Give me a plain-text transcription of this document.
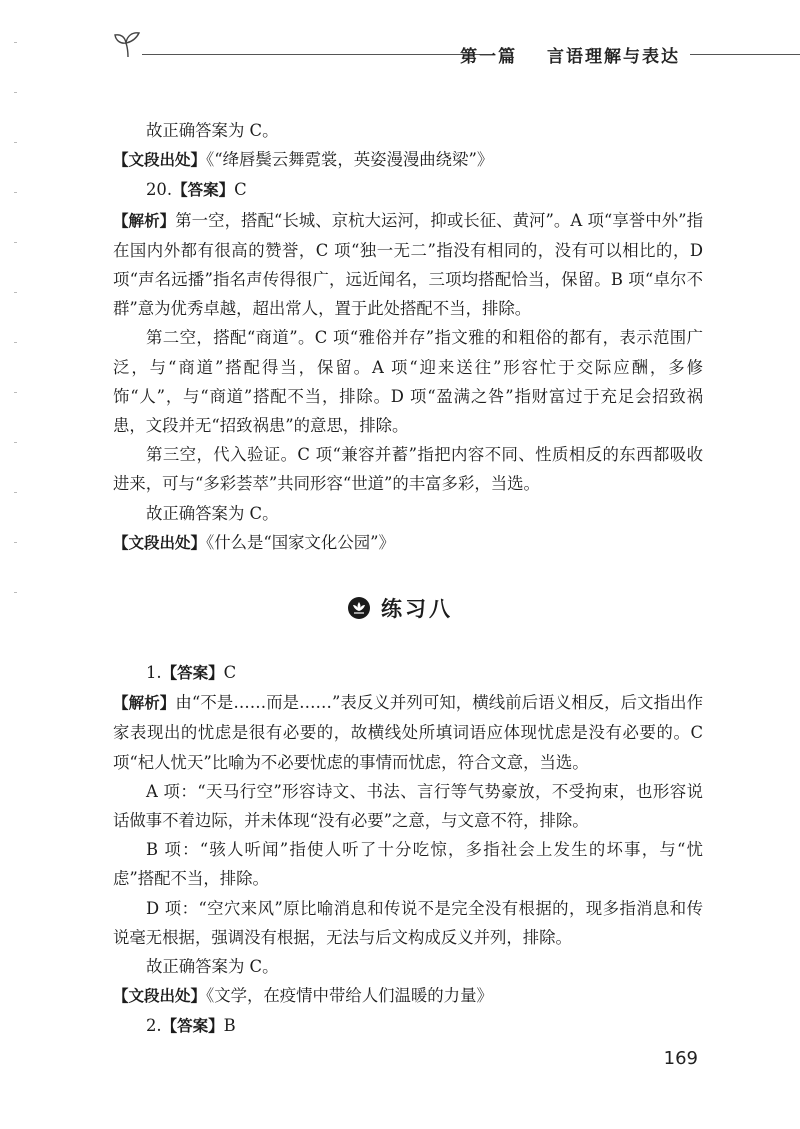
第一篇 言语理解与表达

故正确答案为 C。

【文段出处】《“绛唇鬓云舞霓裳，英姿漫漫曲绕梁”》

20.【答案】C

【解析】第一空，搭配“长城、京杭大运河，抑或长征、黄河”。A 项“享誉中外”指在国内外都有很高的赞誉，C 项“独一无二”指没有相同的，没有可以相比的，D 项“声名远播”指名声传得很广，远近闻名，三项均搭配恰当，保留。B 项“卓尔不群”意为优秀卓越，超出常人，置于此处搭配不当，排除。

第二空，搭配“商道”。C 项“雅俗并存”指文雅的和粗俗的都有，表示范围广泛，与“商道”搭配得当，保留。A 项“迎来送往”形容忙于交际应酬，多修饰“人”，与“商道”搭配不当，排除。D 项“盈满之咎”指财富过于充足会招致祸患，文段并无“招致祸患”的意思，排除。

第三空，代入验证。C 项“兼容并蓄”指把内容不同、性质相反的东西都吸收进来，可与“多彩荟萃”共同形容“世道”的丰富多彩，当选。

故正确答案为 C。

【文段出处】《什么是“国家文化公园”》

练习八

1.【答案】C

【解析】由“不是……而是……”表反义并列可知，横线前后语义相反，后文指出作家表现出的忧虑是很有必要的，故横线处所填词语应体现忧虑是没有必要的。C 项“杞人忧天”比喻为不必要忧虑的事情而忧虑，符合文意，当选。

A 项：“天马行空”形容诗文、书法、言行等气势豪放，不受拘束，也形容说话做事不着边际，并未体现“没有必要”之意，与文意不符，排除。

B 项：“骇人听闻”指使人听了十分吃惊，多指社会上发生的坏事，与“忧虑”搭配不当，排除。

D 项：“空穴来风”原比喻消息和传说不是完全没有根据的，现多指消息和传说毫无根据，强调没有根据，无法与后文构成反义并列，排除。

故正确答案为 C。

【文段出处】《文学，在疫情中带给人们温暖的力量》

2.【答案】B

169
